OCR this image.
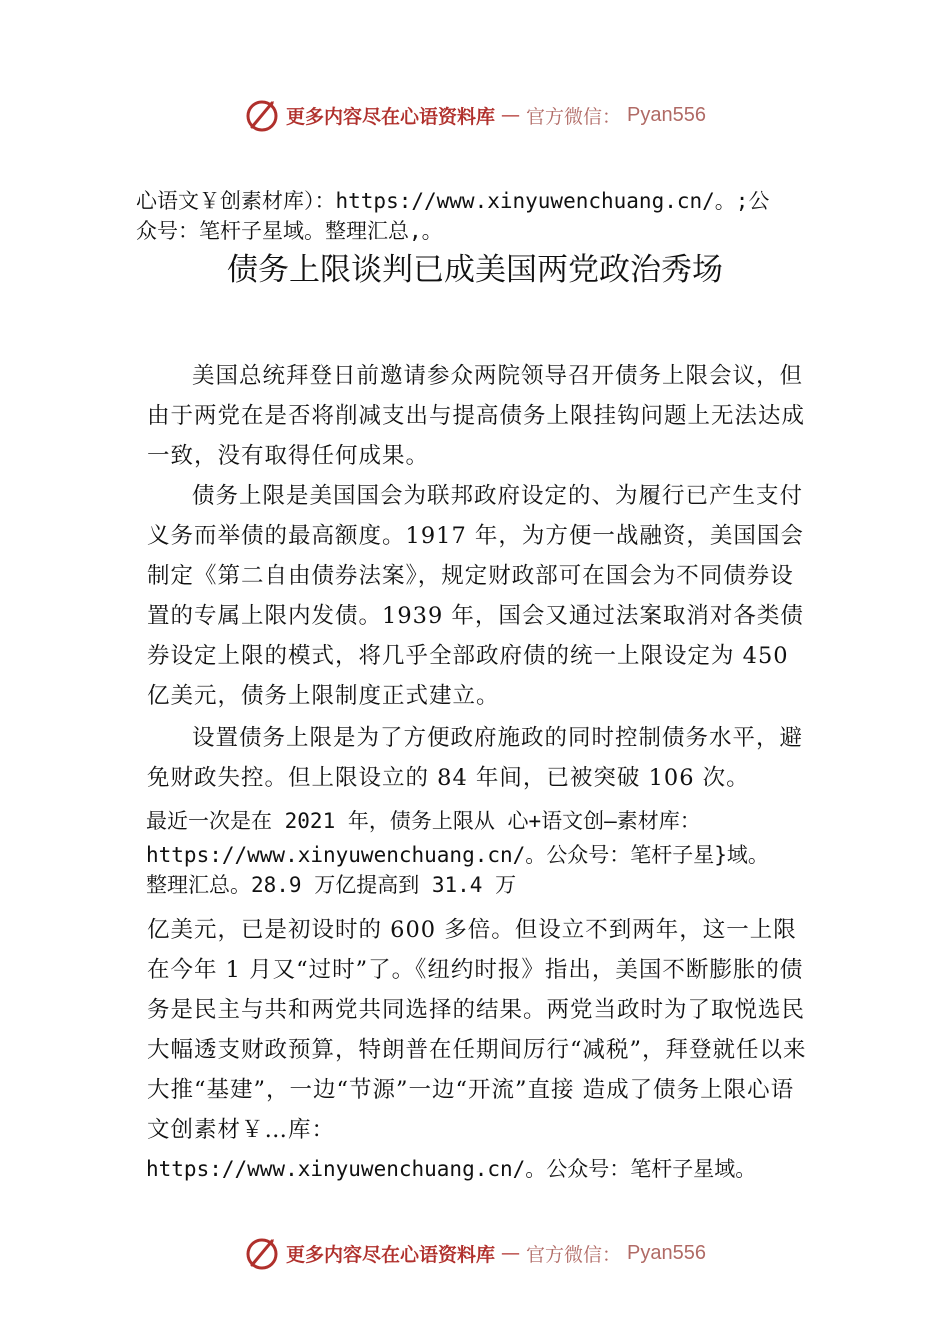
更多内容尽在心语资料库 — 官方微信： Pyan556
心语文￥创素材库）：https://www.xinyuwenchuang.cn/。;公
众号：笔杆子星域。整理汇总,。
债务上限谈判已成美国两党政治秀场
美国总统拜登日前邀请参众两院领导召开债务上限会议，但由于两党在是否将削减支出与提高债务上限挂钩问题上无法达成一致，没有取得任何成果。
债务上限是美国国会为联邦政府设定的、为履行已产生支付义务而举债的最高额度。1917 年，为方便一战融资，美国国会制定《第二自由债券法案》，规定财政部可在国会为不同债券设置的专属上限内发债。1939 年，国会又通过法案取消对各类债券设定上限的模式，将几乎全部政府债的统一上限设定为 450 亿美元，债务上限制度正式建立。
设置债务上限是为了方便政府施政的同时控制债务水平，避免财政失控。但上限设立的 84 年间，已被突破 106 次。
最近一次是在 2021 年，债务上限从 心+语文创—素材库：
https://www.xinyuwenchuang.cn/。公众号：笔杆子星}域。
整理汇总。28.9 万亿提高到 31.4 万
亿美元，已是初设时的 600 多倍。但设立不到两年，这一上限在今年 1 月又“过时”了。《纽约时报》指出，美国不断膨胀的债务是民主与共和两党共同选择的结果。两党当政时为了取悦选民大幅透支财政预算，特朗普在任期间厉行“减税”，拜登就任以来大推“基建”，一边“节源”一边“开流”直接 造成了债务上限心语文创素材￥…库：
https://www.xinyuwenchuang.cn/。公众号：笔杆子星域。
更多内容尽在心语资料库 — 官方微信： Pyan556
